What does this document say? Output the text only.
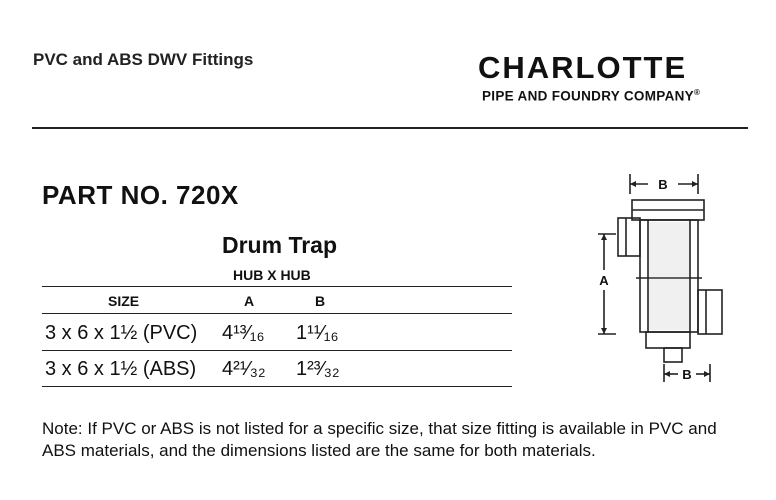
PVC and ABS DWV Fittings	CHARLOTTE
PIPE AND FOUNDRY COMPANY®
PART NO. 720X
Drum Trap
HUB X HUB
SIZE	A	B
3 x 6 x 1½ (PVC) 4¹³⁄₁₆ 1¹¹⁄₁₆
3 x 6 x 1½ (ABS) 4²¹⁄₃₂ 1²³⁄₃₂
B
A
B
Note: If PVC or ABS is not listed for a specific size, that size fitting is available in PVC and ABS materials, and the dimensions listed are the same for both materials.
